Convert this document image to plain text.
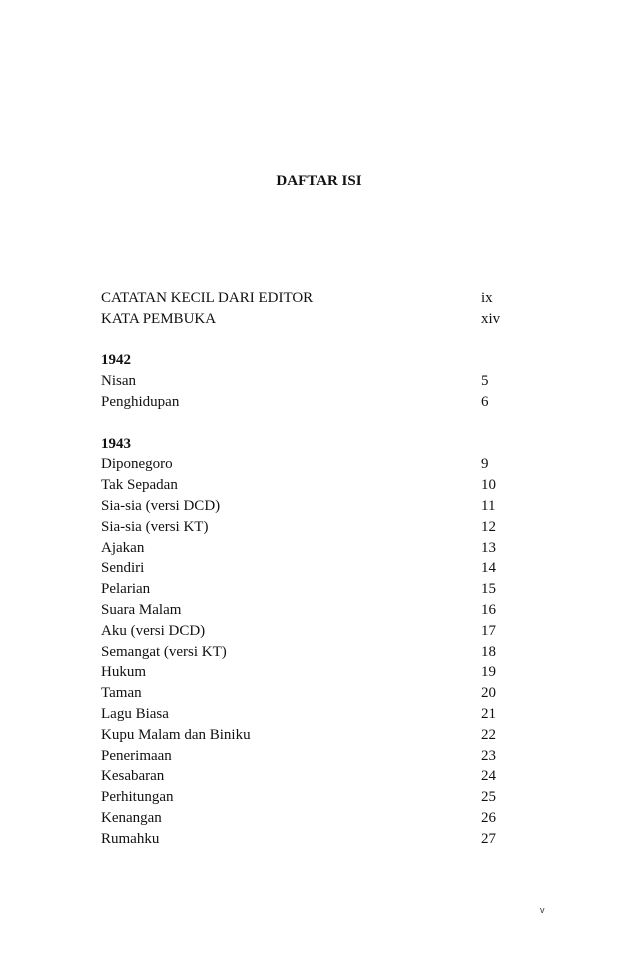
DAFTAR ISI
CATATAN KECIL DARI EDITOR	ix
KATA PEMBUKA	xiv
1942
Nisan	5
Penghidupan	6
1943
Diponegoro	9
Tak Sepadan	10
Sia-sia (versi DCD)	11
Sia-sia (versi KT)	12
Ajakan	13
Sendiri	14
Pelarian	15
Suara Malam	16
Aku (versi DCD)	17
Semangat (versi KT)	18
Hukum	19
Taman	20
Lagu Biasa	21
Kupu Malam dan Biniku	22
Penerimaan	23
Kesabaran	24
Perhitungan	25
Kenangan	26
Rumahku	27
v
